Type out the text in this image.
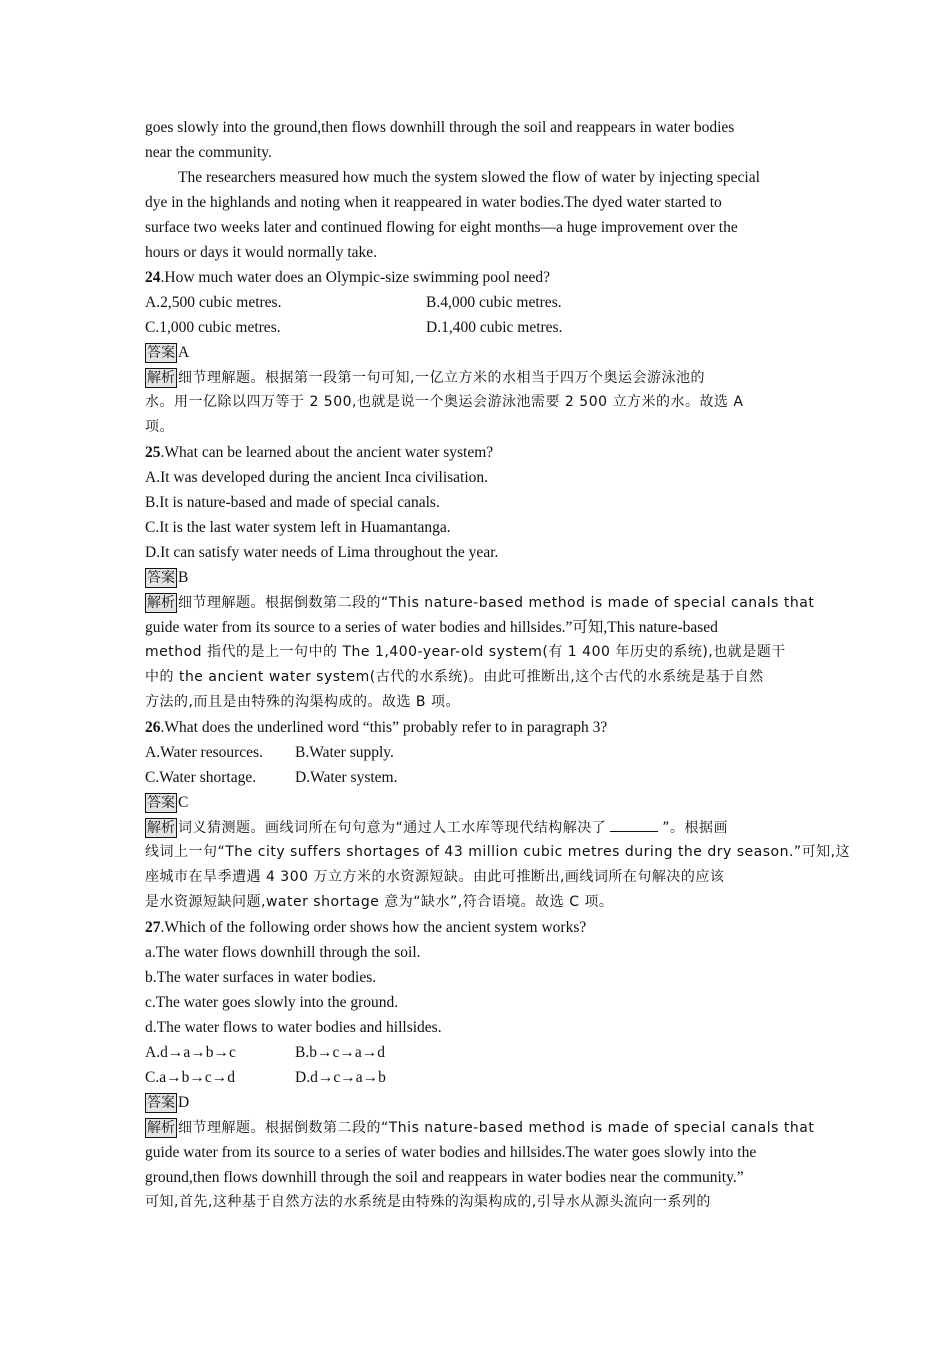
goes slowly into the ground,then flows downhill through the soil and reappears in water bodies

near the community.

The researchers measured how much the system slowed the flow of water by injecting special

dye in the highlands and noting when it reappeared in water bodies.The dyed water started to

surface two weeks later and continued flowing for eight months—a huge improvement over the

hours or days it would normally take.

24.How much water does an Olympic-size swimming pool need?

A.2,500 cubic metres.	B.4,000 cubic metres.
C.1,000 cubic metres.	D.1,400 cubic metres.

答案 A

解析 细节理解题。根据第一段第一句可知,一亿立方米的水相当于四万个奥运会游泳池的

水。用一亿除以四万等于 2 500,也就是说一个奥运会游泳池需要 2 500 立方米的水。故选 A

项。

25.What can be learned about the ancient water system?

A.It was developed during the ancient Inca civilisation.

B.It is nature-based and made of special canals.

C.It is the last water system left in Huamantanga.

D.It can satisfy water needs of Lima throughout the year.

答案 B

解析 细节理解题。根据倒数第二段的“This nature-based method is made of special canals that

guide water from its source to a series of water bodies and hillsides.”可知,This nature-based

method 指代的是上一句中的 The 1,400-year-old system(有 1 400 年历史的系统),也就是题干

中的 the ancient water system(古代的水系统)。由此可推断出,这个古代的水系统是基于自然

方法的,而且是由特殊的沟渠构成的。故选 B 项。

26.What does the underlined word “this” probably refer to in paragraph 3?

A.Water resources.	B.Water supply.
C.Water shortage.	D.Water system.

答案 C

解析 词义猜测题。画线词所在句句意为“通过人工水库等现代结构解决了	”。根据画

线词上一句“The city suffers shortages of 43 million cubic metres during the dry season.”可知,这

座城市在旱季遭遇 4 300 万立方米的水资源短缺。由此可推断出,画线词所在句解决的应该

是水资源短缺问题,water shortage 意为“缺水”,符合语境。故选 C 项。

27.Which of the following order shows how the ancient system works?

a.The water flows downhill through the soil.

b.The water surfaces in water bodies.

c.The water goes slowly into the ground.

d.The water flows to water bodies and hillsides.

A.d→a→b→c	B.b→c→a→d
C.a→b→c→d	D.d→c→a→b

答案 D

解析 细节理解题。根据倒数第二段的“This nature-based method is made of special canals that

guide water from its source to a series of water bodies and hillsides.The water goes slowly into the

ground,then flows downhill through the soil and reappears in water bodies near the community.”

可知,首先,这种基于自然方法的水系统是由特殊的沟渠构成的,引导水从源头流向一系列的
